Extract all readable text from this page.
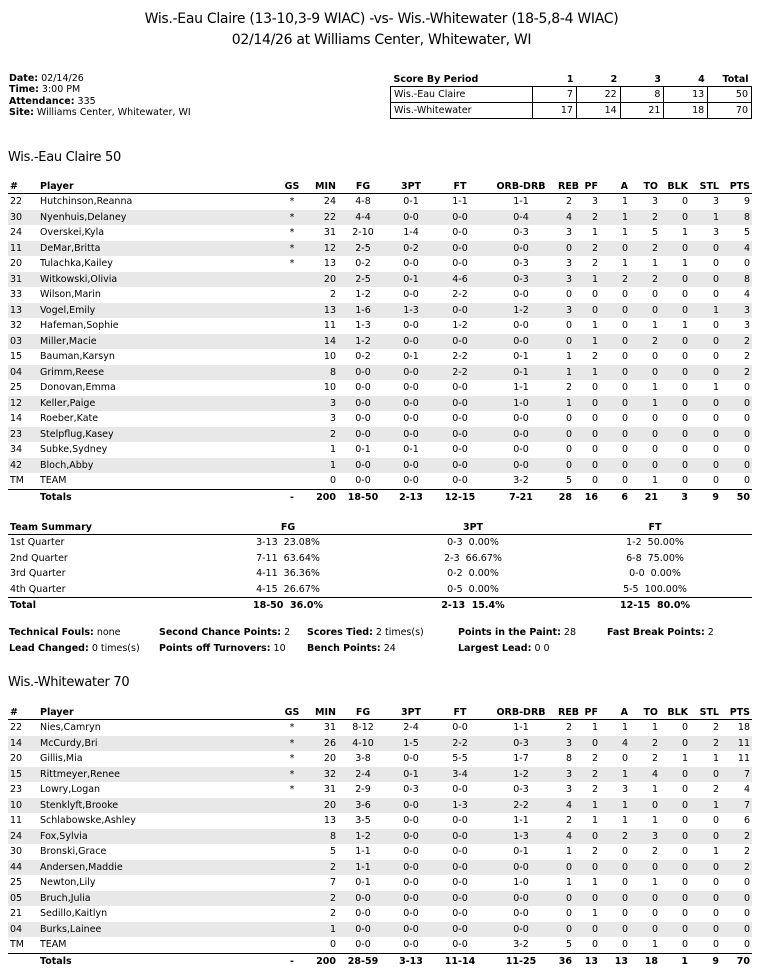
Wis.-Eau Claire (13-10,3-9 WIAC) -vs- Wis.-Whitewater (18-5,8-4 WIAC)
02/14/26 at Williams Center, Whitewater, WI
Date: 02/14/26
Time: 3:00 PM
Attendance: 335
Site: Williams Center, Whitewater, WI
Score By Period	1	2	3	4	Total
Wis.-Eau Claire	7	22	8	13	50
Wis.-Whitewater	17	14	21	18	70
Wis.-Eau Claire 50
#	Player	GS	MIN	FG	3PT	FT	ORB-DRB	REB	PF	A	TO	BLK	STL	PTS
22	Hutchinson,Reanna	*	24	4-8	0-1	1-1	1-1	2	3	1	3	0	3	9
30	Nyenhuis,Delaney	*	22	4-4	0-0	0-0	0-4	4	2	1	2	0	1	8
24	Overskei,Kyla	*	31	2-10	1-4	0-0	0-3	3	1	1	5	1	3	5
11	DeMar,Britta	*	12	2-5	0-2	0-0	0-0	0	2	0	2	0	0	4
20	Tulachka,Kailey	*	13	0-2	0-0	0-0	0-3	3	2	1	1	1	0	0
31	Witkowski,Olivia		20	2-5	0-1	4-6	0-3	3	1	2	2	0	0	8
33	Wilson,Marin		2	1-2	0-0	2-2	0-0	0	0	0	0	0	0	4
13	Vogel,Emily		13	1-6	1-3	0-0	1-2	3	0	0	0	0	1	3
32	Hafeman,Sophie		11	1-3	0-0	1-2	0-0	0	1	0	1	1	0	3
03	Miller,Macie		14	1-2	0-0	0-0	0-0	0	1	0	2	0	0	2
15	Bauman,Karsyn		10	0-2	0-1	2-2	0-1	1	2	0	0	0	0	2
04	Grimm,Reese		8	0-0	0-0	2-2	0-1	1	1	0	0	0	0	2
25	Donovan,Emma		10	0-0	0-0	0-0	1-1	2	0	0	1	0	1	0
12	Keller,Paige		3	0-0	0-0	0-0	1-0	1	0	0	1	0	0	0
14	Roeber,Kate		3	0-0	0-0	0-0	0-0	0	0	0	0	0	0	0
23	Stelpflug,Kasey		2	0-0	0-0	0-0	0-0	0	0	0	0	0	0	0
34	Subke,Sydney		1	0-1	0-1	0-0	0-0	0	0	0	0	0	0	0
42	Bloch,Abby		1	0-0	0-0	0-0	0-0	0	0	0	0	0	0	0
TM	TEAM		0	0-0	0-0	0-0	3-2	5	0	0	1	0	0	0
	Totals	-	200	18-50	2-13	12-15	7-21	28	16	6	21	3	9	50
Team Summary	FG	3PT	FT
1st Quarter	3-13  23.08%	0-3  0.00%	1-2  50.00%
2nd Quarter	7-11  63.64%	2-3  66.67%	6-8  75.00%
3rd Quarter	4-11  36.36%	0-2  0.00%	0-0  0.00%
4th Quarter	4-15  26.67%	0-5  0.00%	5-5  100.00%
Total	18-50  36.0%	2-13  15.4%	12-15  80.0%
Technical Fouls: none	Second Chance Points: 2 Scores Tied: 2 times(s)	Points in the Paint: 28	Fast Break Points: 2
Lead Changed: 0 times(s) Points off Turnovers: 10 Bench Points: 24	Largest Lead: 0 0
Wis.-Whitewater 70
#	Player	GS	MIN	FG	3PT	FT	ORB-DRB	REB	PF	A	TO	BLK	STL	PTS
22	Nies,Camryn	*	31	8-12	2-4	0-0	1-1	2	1	1	1	0	2	18
14	McCurdy,Bri	*	26	4-10	1-5	2-2	0-3	3	0	4	2	0	2	11
20	Gillis,Mia	*	20	3-8	0-0	5-5	1-7	8	2	0	2	1	1	11
15	Rittmeyer,Renee	*	32	2-4	0-1	3-4	1-2	3	2	1	4	0	0	7
23	Lowry,Logan	*	31	2-9	0-3	0-0	0-3	3	2	3	1	0	2	4
10	Stenklyft,Brooke		20	3-6	0-0	1-3	2-2	4	1	1	0	0	1	7
11	Schlabowske,Ashley		13	3-5	0-0	0-0	1-1	2	1	1	1	0	0	6
24	Fox,Sylvia		8	1-2	0-0	0-0	1-3	4	0	2	3	0	0	2
30	Bronski,Grace		5	1-1	0-0	0-0	0-1	1	2	0	2	0	1	2
44	Andersen,Maddie		2	1-1	0-0	0-0	0-0	0	0	0	0	0	0	2
25	Newton,Lily		7	0-1	0-0	0-0	1-0	1	1	0	1	0	0	0
05	Bruch,Julia		2	0-0	0-0	0-0	0-0	0	0	0	0	0	0	0
21	Sedillo,Kaitlyn		2	0-0	0-0	0-0	0-0	0	1	0	0	0	0	0
04	Burks,Lainee		1	0-0	0-0	0-0	0-0	0	0	0	0	0	0	0
TM	TEAM		0	0-0	0-0	0-0	3-2	5	0	0	1	0	0	0
	Totals	-	200	28-59	3-13	11-14	11-25	36	13	13	18	1	9	70
